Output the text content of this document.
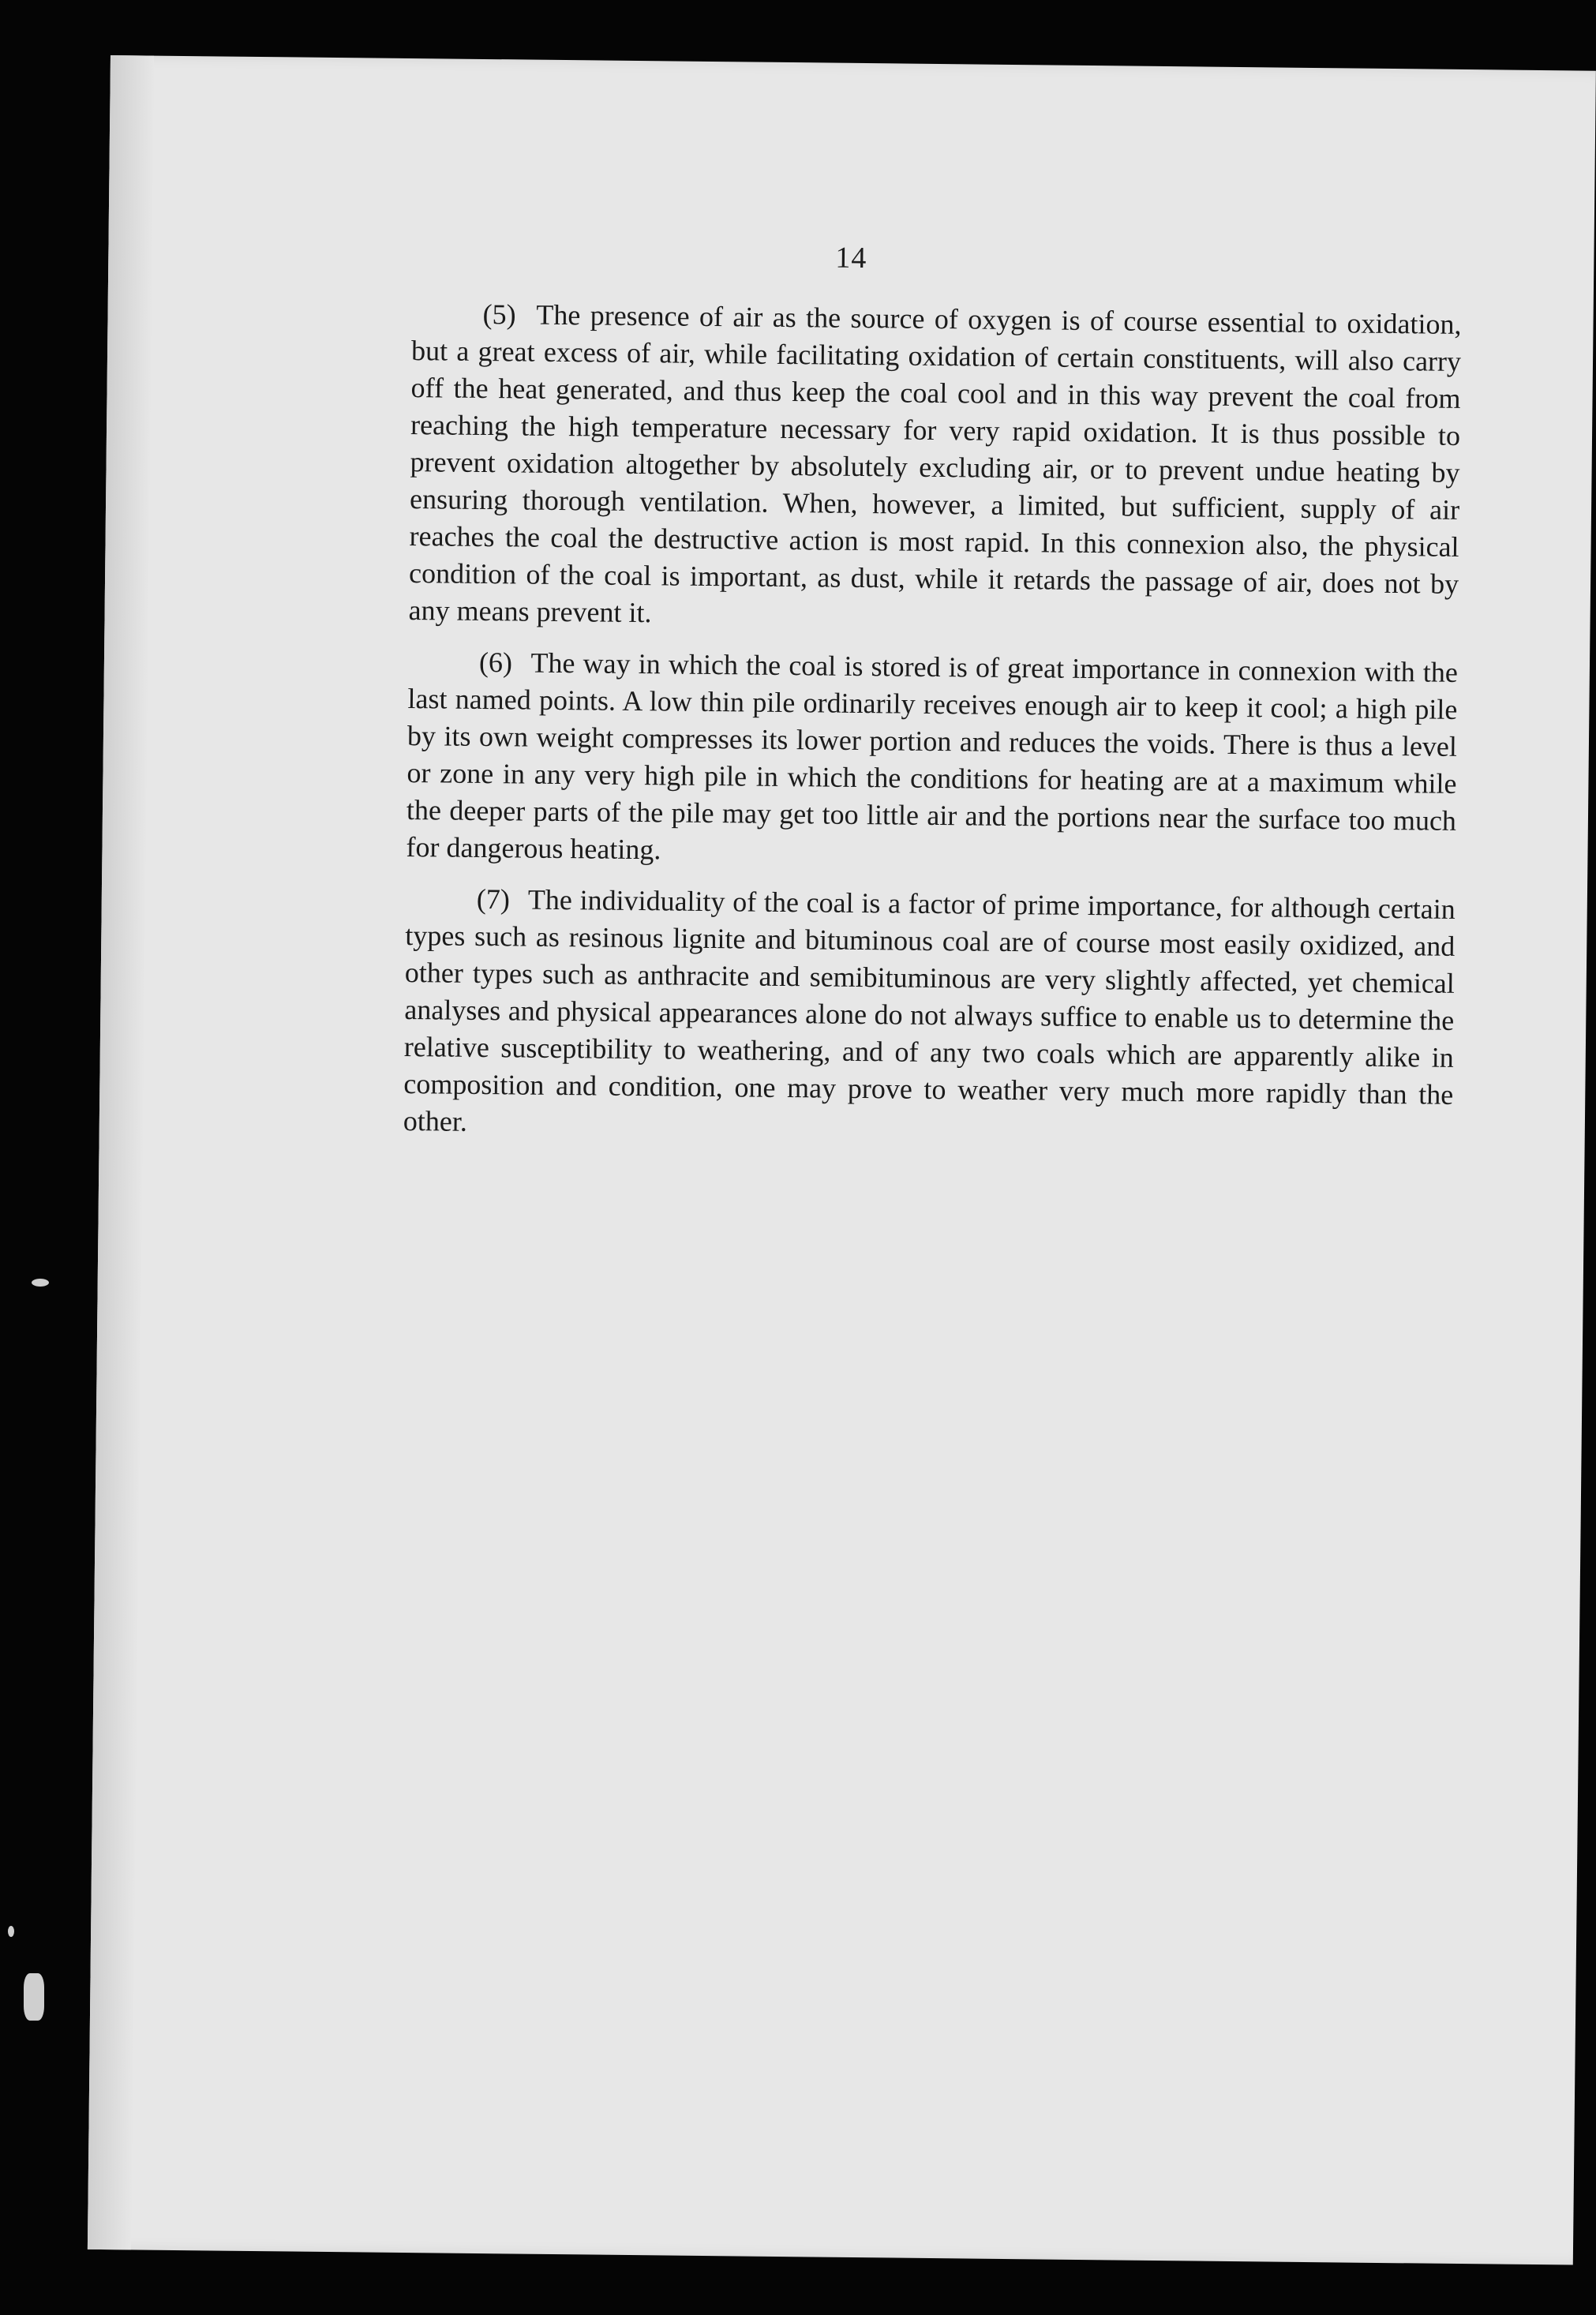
14

(5) The presence of air as the source of oxygen is of course essential to oxidation, but a great excess of air, while facilitating oxidation of certain constituents, will also carry off the heat generated, and thus keep the coal cool and in this way prevent the coal from reaching the high temperature necessary for very rapid oxidation. It is thus possible to prevent oxidation altogether by absolutely excluding air, or to prevent undue heating by ensuring thorough ventilation. When, however, a limited, but sufficient, supply of air reaches the coal the destructive action is most rapid. In this connexion also, the physical condition of the coal is important, as dust, while it retards the passage of air, does not by any means prevent it.

(6) The way in which the coal is stored is of great importance in connexion with the last named points. A low thin pile ordinarily receives enough air to keep it cool; a high pile by its own weight compresses its lower portion and reduces the voids. There is thus a level or zone in any very high pile in which the conditions for heating are at a maximum while the deeper parts of the pile may get too little air and the portions near the surface too much for dangerous heating.

(7) The individuality of the coal is a factor of prime importance, for although certain types such as resinous lignite and bituminous coal are of course most easily oxidized, and other types such as anthracite and semibituminous are very slightly affected, yet chemical analyses and physical appearances alone do not always suffice to enable us to determine the relative susceptibility to weathering, and of any two coals which are apparently alike in composition and condition, one may prove to weather very much more rapidly than the other.
